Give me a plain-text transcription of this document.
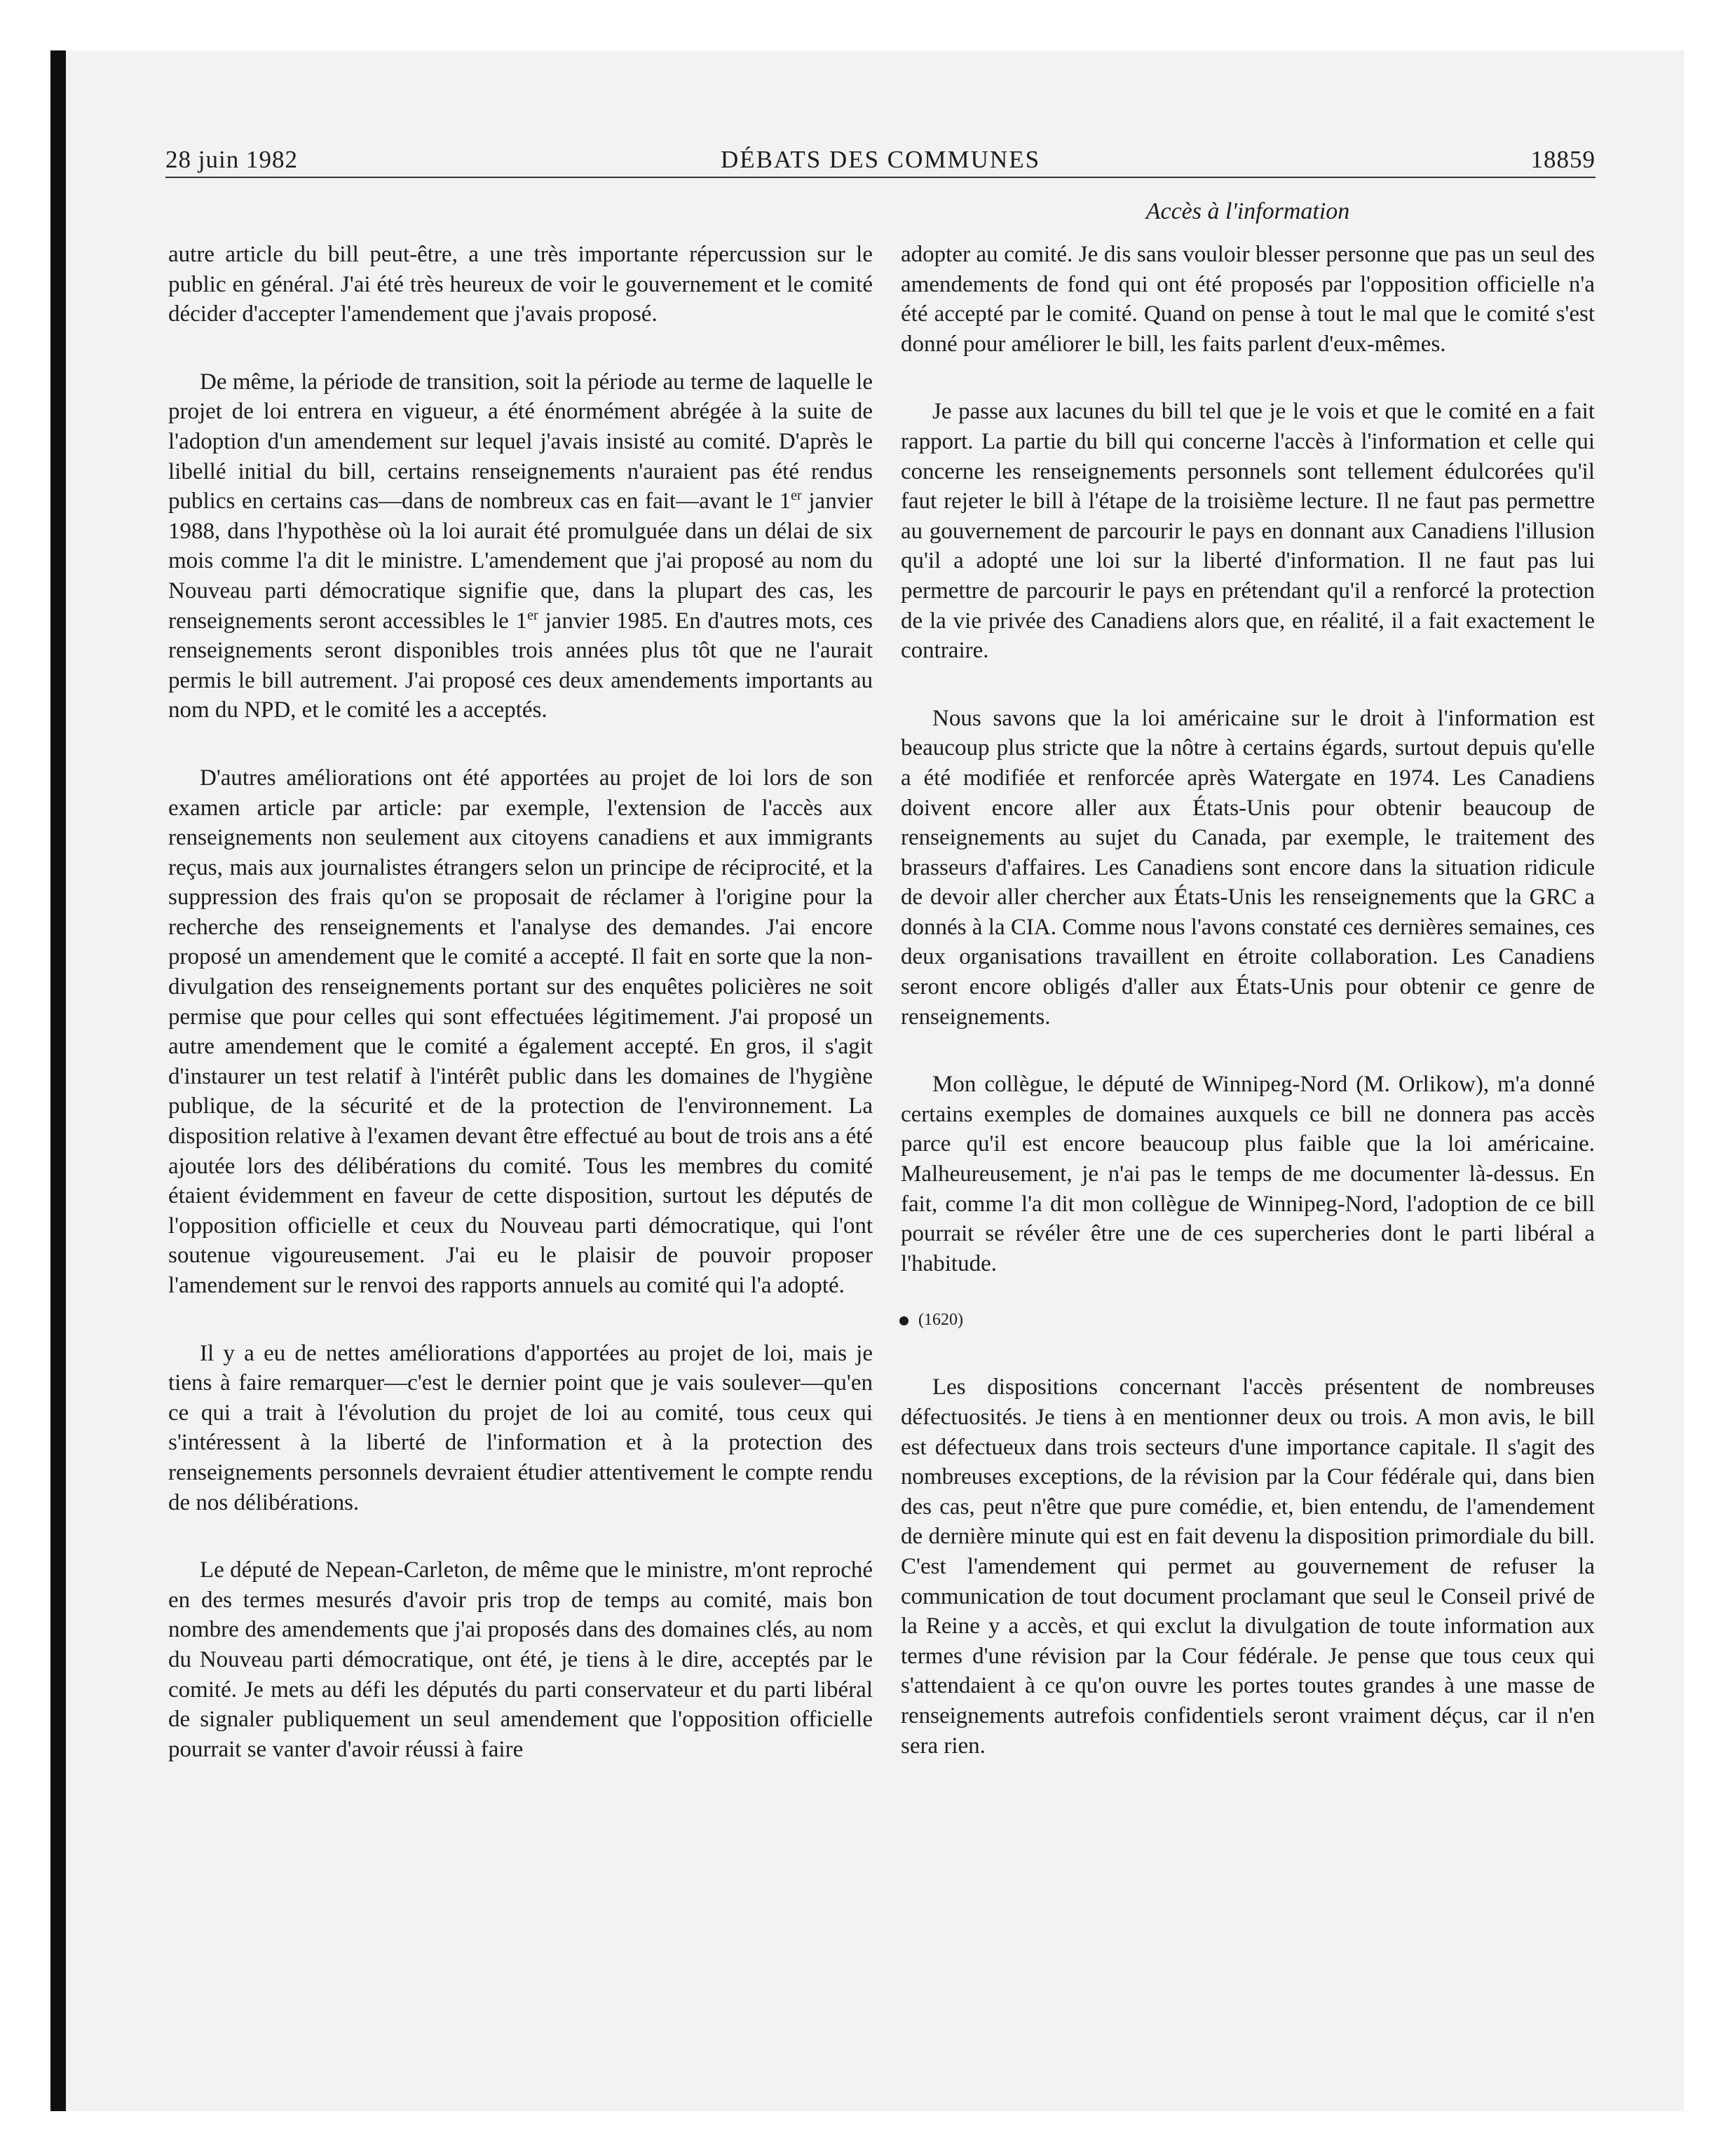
28 juin 1982	DÉBATS DES COMMUNES	18859
Accès à l'information

autre article du bill peut-être, a une très importante répercussion sur le public en général. J'ai été très heureux de voir le gouvernement et le comité décider d'accepter l'amendement que j'avais proposé.

De même, la période de transition, soit la période au terme de laquelle le projet de loi entrera en vigueur, a été énormément abrégée à la suite de l'adoption d'un amendement sur lequel j'avais insisté au comité. D'après le libellé initial du bill, certains renseignements n'auraient pas été rendus publics en certains cas—dans de nombreux cas en fait—avant le 1er janvier 1988, dans l'hypothèse où la loi aurait été promulguée dans un délai de six mois comme l'a dit le ministre. L'amendement que j'ai proposé au nom du Nouveau parti démocratique signifie que, dans la plupart des cas, les renseignements seront accessibles le 1er janvier 1985. En d'autres mots, ces renseignements seront disponibles trois années plus tôt que ne l'aurait permis le bill autrement. J'ai proposé ces deux amendements importants au nom du NPD, et le comité les a acceptés.

D'autres améliorations ont été apportées au projet de loi lors de son examen article par article: par exemple, l'extension de l'accès aux renseignements non seulement aux citoyens canadiens et aux immigrants reçus, mais aux journalistes étrangers selon un principe de réciprocité, et la suppression des frais qu'on se proposait de réclamer à l'origine pour la recherche des renseignements et l'analyse des demandes. J'ai encore proposé un amendement que le comité a accepté. Il fait en sorte que la non-divulgation des renseignements portant sur des enquêtes policières ne soit permise que pour celles qui sont effectuées légitimement. J'ai proposé un autre amendement que le comité a également accepté. En gros, il s'agit d'instaurer un test relatif à l'intérêt public dans les domaines de l'hygiène publique, de la sécurité et de la protection de l'environnement. La disposition relative à l'examen devant être effectué au bout de trois ans a été ajoutée lors des délibérations du comité. Tous les membres du comité étaient évidemment en faveur de cette disposition, surtout les députés de l'opposition officielle et ceux du Nouveau parti démocratique, qui l'ont soutenue vigoureusement. J'ai eu le plaisir de pouvoir proposer l'amendement sur le renvoi des rapports annuels au comité qui l'a adopté.

Il y a eu de nettes améliorations d'apportées au projet de loi, mais je tiens à faire remarquer—c'est le dernier point que je vais soulever—qu'en ce qui a trait à l'évolution du projet de loi au comité, tous ceux qui s'intéressent à la liberté de l'information et à la protection des renseignements personnels devraient étudier attentivement le compte rendu de nos délibérations.

Le député de Nepean-Carleton, de même que le ministre, m'ont reproché en des termes mesurés d'avoir pris trop de temps au comité, mais bon nombre des amendements que j'ai proposés dans des domaines clés, au nom du Nouveau parti démocratique, ont été, je tiens à le dire, acceptés par le comité. Je mets au défi les députés du parti conservateur et du parti libéral de signaler publiquement un seul amendement que l'opposition officielle pourrait se vanter d'avoir réussi à faire

adopter au comité. Je dis sans vouloir blesser personne que pas un seul des amendements de fond qui ont été proposés par l'opposition officielle n'a été accepté par le comité. Quand on pense à tout le mal que le comité s'est donné pour améliorer le bill, les faits parlent d'eux-mêmes.

Je passe aux lacunes du bill tel que je le vois et que le comité en a fait rapport. La partie du bill qui concerne l'accès à l'information et celle qui concerne les renseignements personnels sont tellement édulcorées qu'il faut rejeter le bill à l'étape de la troisième lecture. Il ne faut pas permettre au gouvernement de parcourir le pays en donnant aux Canadiens l'illusion qu'il a adopté une loi sur la liberté d'information. Il ne faut pas lui permettre de parcourir le pays en prétendant qu'il a renforcé la protection de la vie privée des Canadiens alors que, en réalité, il a fait exactement le contraire.

Nous savons que la loi américaine sur le droit à l'information est beaucoup plus stricte que la nôtre à certains égards, surtout depuis qu'elle a été modifiée et renforcée après Watergate en 1974. Les Canadiens doivent encore aller aux États-Unis pour obtenir beaucoup de renseignements au sujet du Canada, par exemple, le traitement des brasseurs d'affaires. Les Canadiens sont encore dans la situation ridicule de devoir aller chercher aux États-Unis les renseignements que la GRC a donnés à la CIA. Comme nous l'avons constaté ces dernières semaines, ces deux organisations travaillent en étroite collaboration. Les Canadiens seront encore obligés d'aller aux États-Unis pour obtenir ce genre de renseignements.

Mon collègue, le député de Winnipeg-Nord (M. Orlikow), m'a donné certains exemples de domaines auxquels ce bill ne donnera pas accès parce qu'il est encore beaucoup plus faible que la loi américaine. Malheureusement, je n'ai pas le temps de me documenter là-dessus. En fait, comme l'a dit mon collègue de Winnipeg-Nord, l'adoption de ce bill pourrait se révéler être une de ces supercheries dont le parti libéral a l'habitude.

(1620)

Les dispositions concernant l'accès présentent de nombreuses défectuosités. Je tiens à en mentionner deux ou trois. A mon avis, le bill est défectueux dans trois secteurs d'une importance capitale. Il s'agit des nombreuses exceptions, de la révision par la Cour fédérale qui, dans bien des cas, peut n'être que pure comédie, et, bien entendu, de l'amendement de dernière minute qui est en fait devenu la disposition primordiale du bill. C'est l'amendement qui permet au gouvernement de refuser la communication de tout document proclamant que seul le Conseil privé de la Reine y a accès, et qui exclut la divulgation de toute information aux termes d'une révision par la Cour fédérale. Je pense que tous ceux qui s'attendaient à ce qu'on ouvre les portes toutes grandes à une masse de renseignements autrefois confidentiels seront vraiment déçus, car il n'en sera rien.
